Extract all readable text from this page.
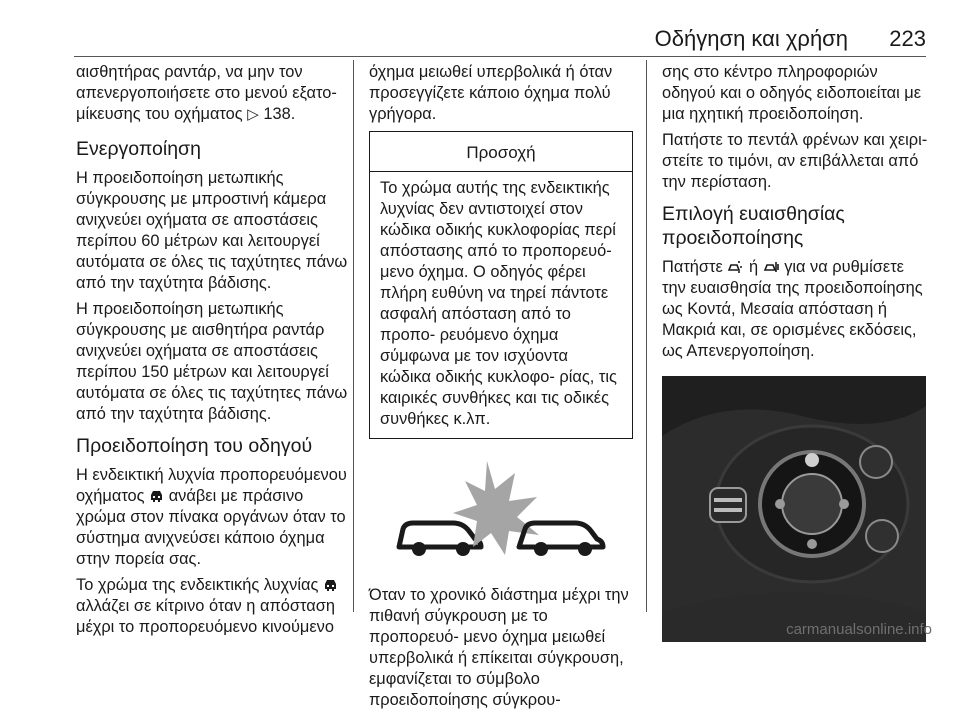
Οδήγηση και χρήση 223

αισθητήρας ραντάρ, να μην τον απενεργοποιήσετε στο μενού εξατο- μίκευσης του οχήματος ▷ 138.

Ενεργοποίηση

Η προειδοποίηση μετωπικής σύγκρουσης με μπροστινή κάμερα ανιχνεύει οχήματα σε αποστάσεις περίπου 60 μέτρων και λειτουργεί αυτόματα σε όλες τις ταχύτητες πάνω από την ταχύτητα βάδισης.

Η προειδοποίηση μετωπικής σύγκρουσης με αισθητήρα ραντάρ ανιχνεύει οχήματα σε αποστάσεις περίπου 150 μέτρων και λειτουργεί αυτόματα σε όλες τις ταχύτητες πάνω από την ταχύτητα βάδισης.

Προειδοποίηση του οδηγού

Η ενδεικτική λυχνία προπορευόμενου οχήματος ανάβει με πράσινο χρώμα στον πίνακα οργάνων όταν το σύστημα ανιχνεύσει κάποιο όχημα στην πορεία σας.

Το χρώμα της ενδεικτικής λυχνίας  αλλάζει σε κίτρινο όταν η απόσταση μέχρι το προπορευόμενο κινούμενο

όχημα μειωθεί υπερβολικά ή όταν προσεγγίζετε κάποιο όχημα πολύ γρήγορα.

Προσοχή
Το χρώμα αυτής της ενδεικτικής λυχνίας δεν αντιστοιχεί στον κώδικα οδικής κυκλοφορίας περί απόστασης από το προπορευό- μενο όχημα. Ο οδηγός φέρει πλήρη ευθύνη να τηρεί πάντοτε ασφαλή απόσταση από το προπο- ρευόμενο όχημα σύμφωνα με τον ισχύοντα κώδικα οδικής κυκλοφο- ρίας, τις καιρικές συνθήκες και τις οδικές συνθήκες κ.λπ.

Όταν το χρονικό διάστημα μέχρι την πιθανή σύγκρουση με το προπορευό- μενο όχημα μειωθεί υπερβολικά ή επίκειται σύγκρουση, εμφανίζεται το σύμβολο προειδοποίησης σύγκρου-

σης στο κέντρο πληροφοριών οδηγού και ο οδηγός ειδοποιείται με μια ηχητική προειδοποίηση.

Πατήστε το πεντάλ φρένων και χειρι- στείτε το τιμόνι, αν επιβάλλεται από την περίσταση.

Επιλογή ευαισθησίας προειδοποίησης

Πατήστε ή για να ρυθμίσετε την ευαισθησία της προειδοποίησης ως Κοντά, Μεσαία απόσταση ή Μακριά και, σε ορισμένες εκδόσεις, ως Απενεργοποίηση.

carmanualsonline.info
